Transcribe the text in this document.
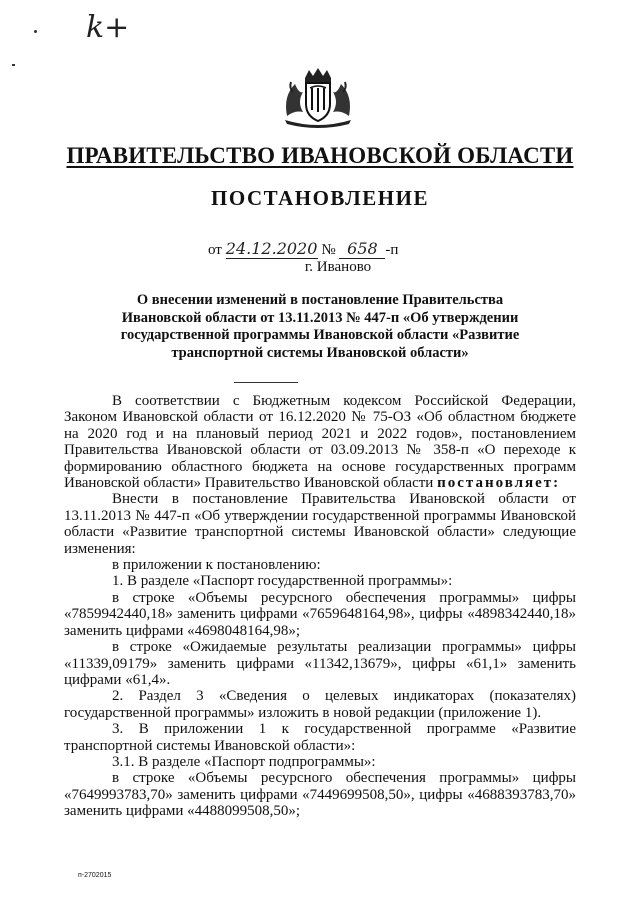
k+
ПРАВИТЕЛЬСТВО ИВАНОВСКОЙ ОБЛАСТИ
ПОСТАНОВЛЕНИЕ
от 24.12.2020 № 658 -п
г. Иваново
О внесении изменений в постановление Правительства Ивановской области от 13.11.2013 № 447-п «Об утверждении государственной программы Ивановской области «Развитие транспортной системы Ивановской области»

В соответствии с Бюджетным кодексом Российской Федерации, Законом Ивановской области от 16.12.2020 № 75-ОЗ «Об областном бюджете на 2020 год и на плановый период 2021 и 2022 годов», постановлением Правительства Ивановской области от 03.09.2013 № 358-п «О переходе к формированию областного бюджета на основе государственных программ Ивановской области» Правительство Ивановской области постановляет:

Внести в постановление Правительства Ивановской области от 13.11.2013 № 447-п «Об утверждении государственной программы Ивановской области «Развитие транспортной системы Ивановской области» следующие изменения:

в приложении к постановлению:

1. В разделе «Паспорт государственной программы»:

в строке «Объемы ресурсного обеспечения программы» цифры «7859942440,18» заменить цифрами «7659648164,98», цифры «4898342440,18» заменить цифрами «4698048164,98»;

в строке «Ожидаемые результаты реализации программы» цифры «11339,09179» заменить цифрами «11342,13679», цифры «61,1» заменить цифрами «61,4».

2. Раздел 3 «Сведения о целевых индикаторах (показателях) государственной программы» изложить в новой редакции (приложение 1).

3. В приложении 1 к государственной программе «Развитие транспортной системы Ивановской области»:

3.1. В разделе «Паспорт подпрограммы»:

в строке «Объемы ресурсного обеспечения программы» цифры «7649993783,70» заменить цифрами «7449699508,50», цифры «4688393783,70» заменить цифрами «4488099508,50»;

п-2702015
